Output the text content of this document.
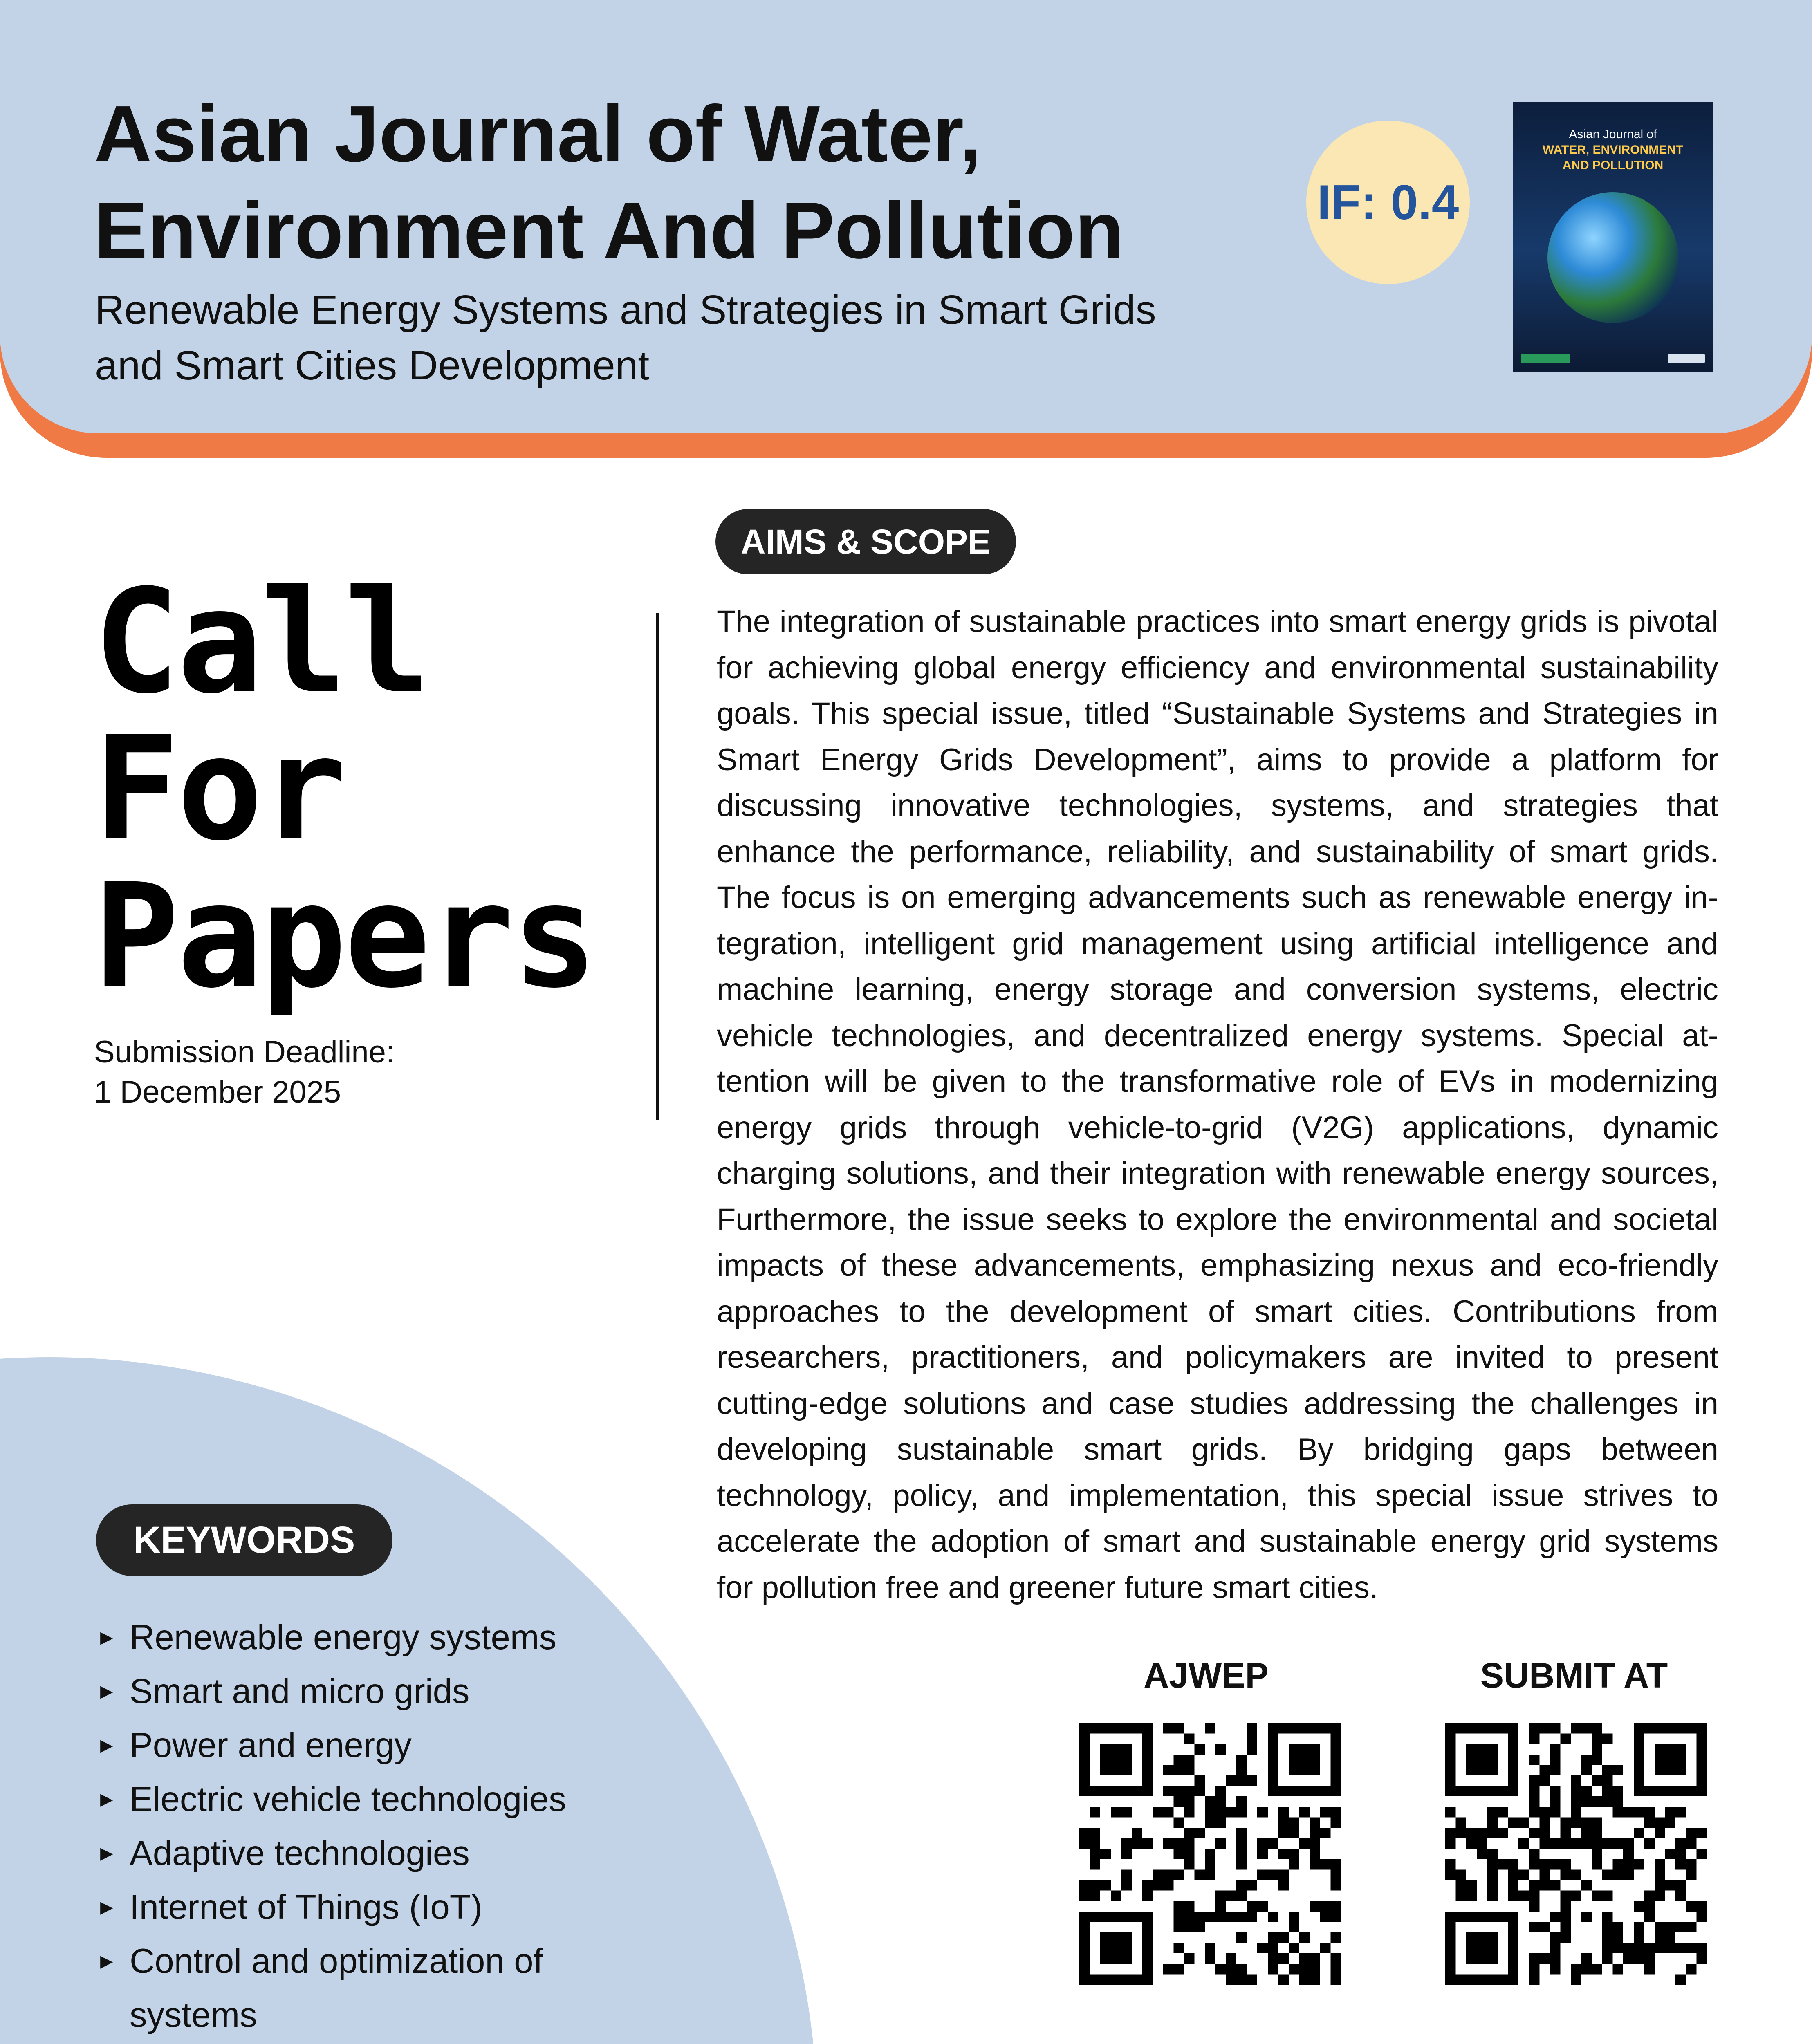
Asian Journal of Water,
Environment And Pollution
Renewable Energy Systems and Strategies in Smart Grids
and Smart Cities Development
IF: 0.4
Asian Journal of
WATER, ENVIRONMENT
AND POLLUTION
Call
For
Papers
Submission Deadline:
1 December 2025
AIMS & SCOPE
The integration of sustainable practices into smart energy grids is pivotal for achieving global energy efficiency and environmental sustainability goals. This special issue, titled “Sustainable Systems and Strategies in Smart Energy Grids Development”, aims to provide a platform for discussing innovative technologies, systems, and strategies that enhance the performance, reliability, and sustainability of smart grids. The focus is on emerging advancements such as renewable energy integration, intelligent grid management using artificial intelligence and machine learning, energy storage and conversion systems, electric vehicle technologies, and decentralized energy systems. Special attention will be given to the transformative role of EVs in modernizing energy grids through vehicle-to-grid (V2G) applications, dynamic charging solutions, and their integration with renewable energy sources, Furthermore, the issue seeks to explore the environmental and societal impacts of these advancements, emphasizing nexus and eco-friendly approaches to the development of smart cities. Contributions from researchers, practitioners, and policymakers are invited to present cutting-edge solutions and case studies addressing the challenges in developing sustainable smart grids. By bridging gaps between technology, policy, and implementation, this special issue strives to accelerate the adoption of smart and sustainable energy grid systems for pollution free and greener future smart cities.
KEYWORDS
► Renewable energy systems
► Smart and micro grids
► Power and energy
► Electric vehicle technologies
► Adaptive technologies
► Internet of Things (IoT)
► Control and optimization of systems
AJWEP	SUBMIT AT
